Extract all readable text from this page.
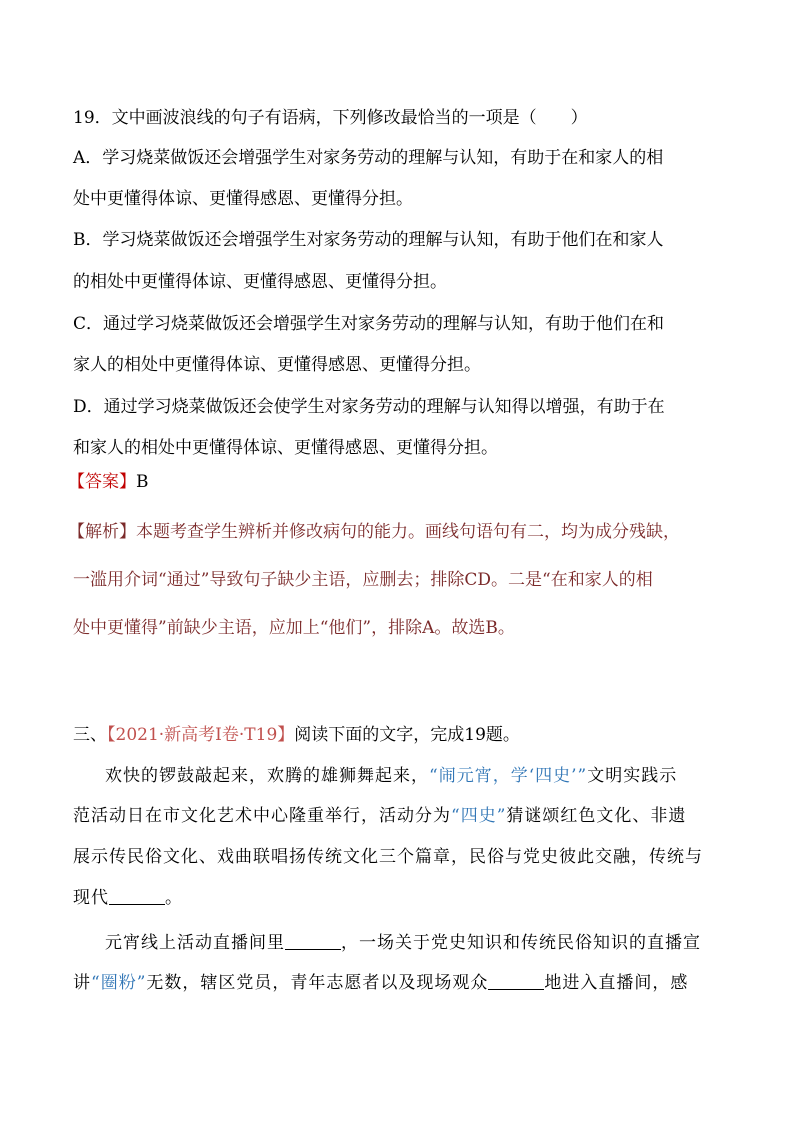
19．文中画波浪线的句子有语病，下列修改最恰当的一项是（　　）
A．学习烧菜做饭还会增强学生对家务劳动的理解与认知，有助于在和家人的相
处中更懂得体谅、更懂得感恩、更懂得分担。
B．学习烧菜做饭还会增强学生对家务劳动的理解与认知，有助于他们在和家人
的相处中更懂得体谅、更懂得感恩、更懂得分担。
C．通过学习烧菜做饭还会增强学生对家务劳动的理解与认知，有助于他们在和
家人的相处中更懂得体谅、更懂得感恩、更懂得分担。
D．通过学习烧菜做饭还会使学生对家务劳动的理解与认知得以增强，有助于在
和家人的相处中更懂得体谅、更懂得感恩、更懂得分担。
【答案】B
【解析】本题考查学生辨析并修改病句的能力。画线句语句有二，均为成分残缺，
一滥用介词“通过”导致句子缺少主语，应删去；排除CD。二是“在和家人的相
处中更懂得”前缺少主语，应加上“他们”，排除A。故选B。
三、【2021·新高考Ⅰ卷·T19】阅读下面的文字，完成19题。
欢快的锣鼓敲起来，欢腾的雄狮舞起来，“闹元宵，学‘四史’”文明实践示
范活动日在市文化艺术中心隆重举行，活动分为“四史”猜谜颂红色文化、非遗
展示传民俗文化、戏曲联唱扬传统文化三个篇章，民俗与党史彼此交融，传统与
现代	。
元宵线上活动直播间里	，一场关于党史知识和传统民俗知识的直播宣
讲“圈粉”无数，辖区党员，青年志愿者以及现场观众	地进入直播间，感
